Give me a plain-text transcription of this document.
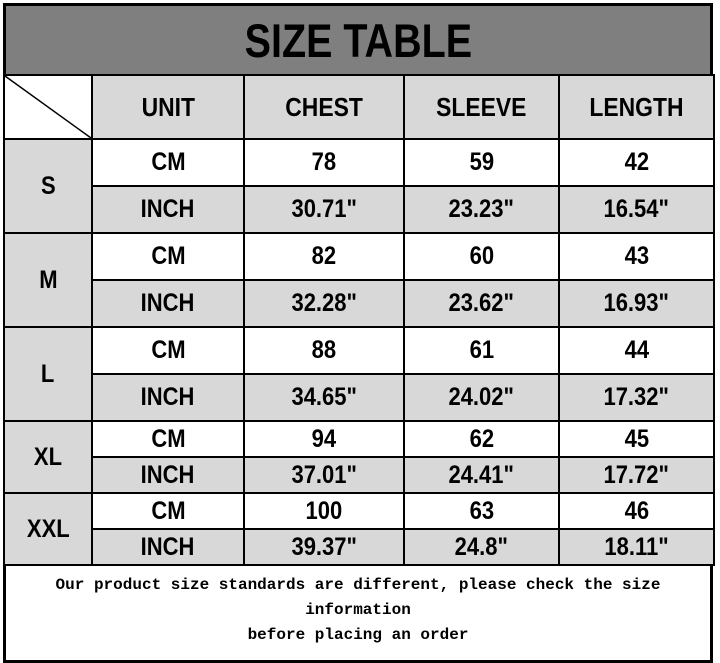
SIZE TABLE
	UNIT	CHEST	SLEEVE	LENGTH
S	CM	78	59	42
	INCH	30.71"	23.23"	16.54"
M	CM	82	60	43
	INCH	32.28"	23.62"	16.93"
L	CM	88	61	44
	INCH	34.65"	24.02"	17.32"
XL	CM	94	62	45
	INCH	37.01"	24.41"	17.72"
XXL	CM	100	63	46
	INCH	39.37"	24.8"	18.11"
Our product size standards are different, please check the size information
before placing an order
